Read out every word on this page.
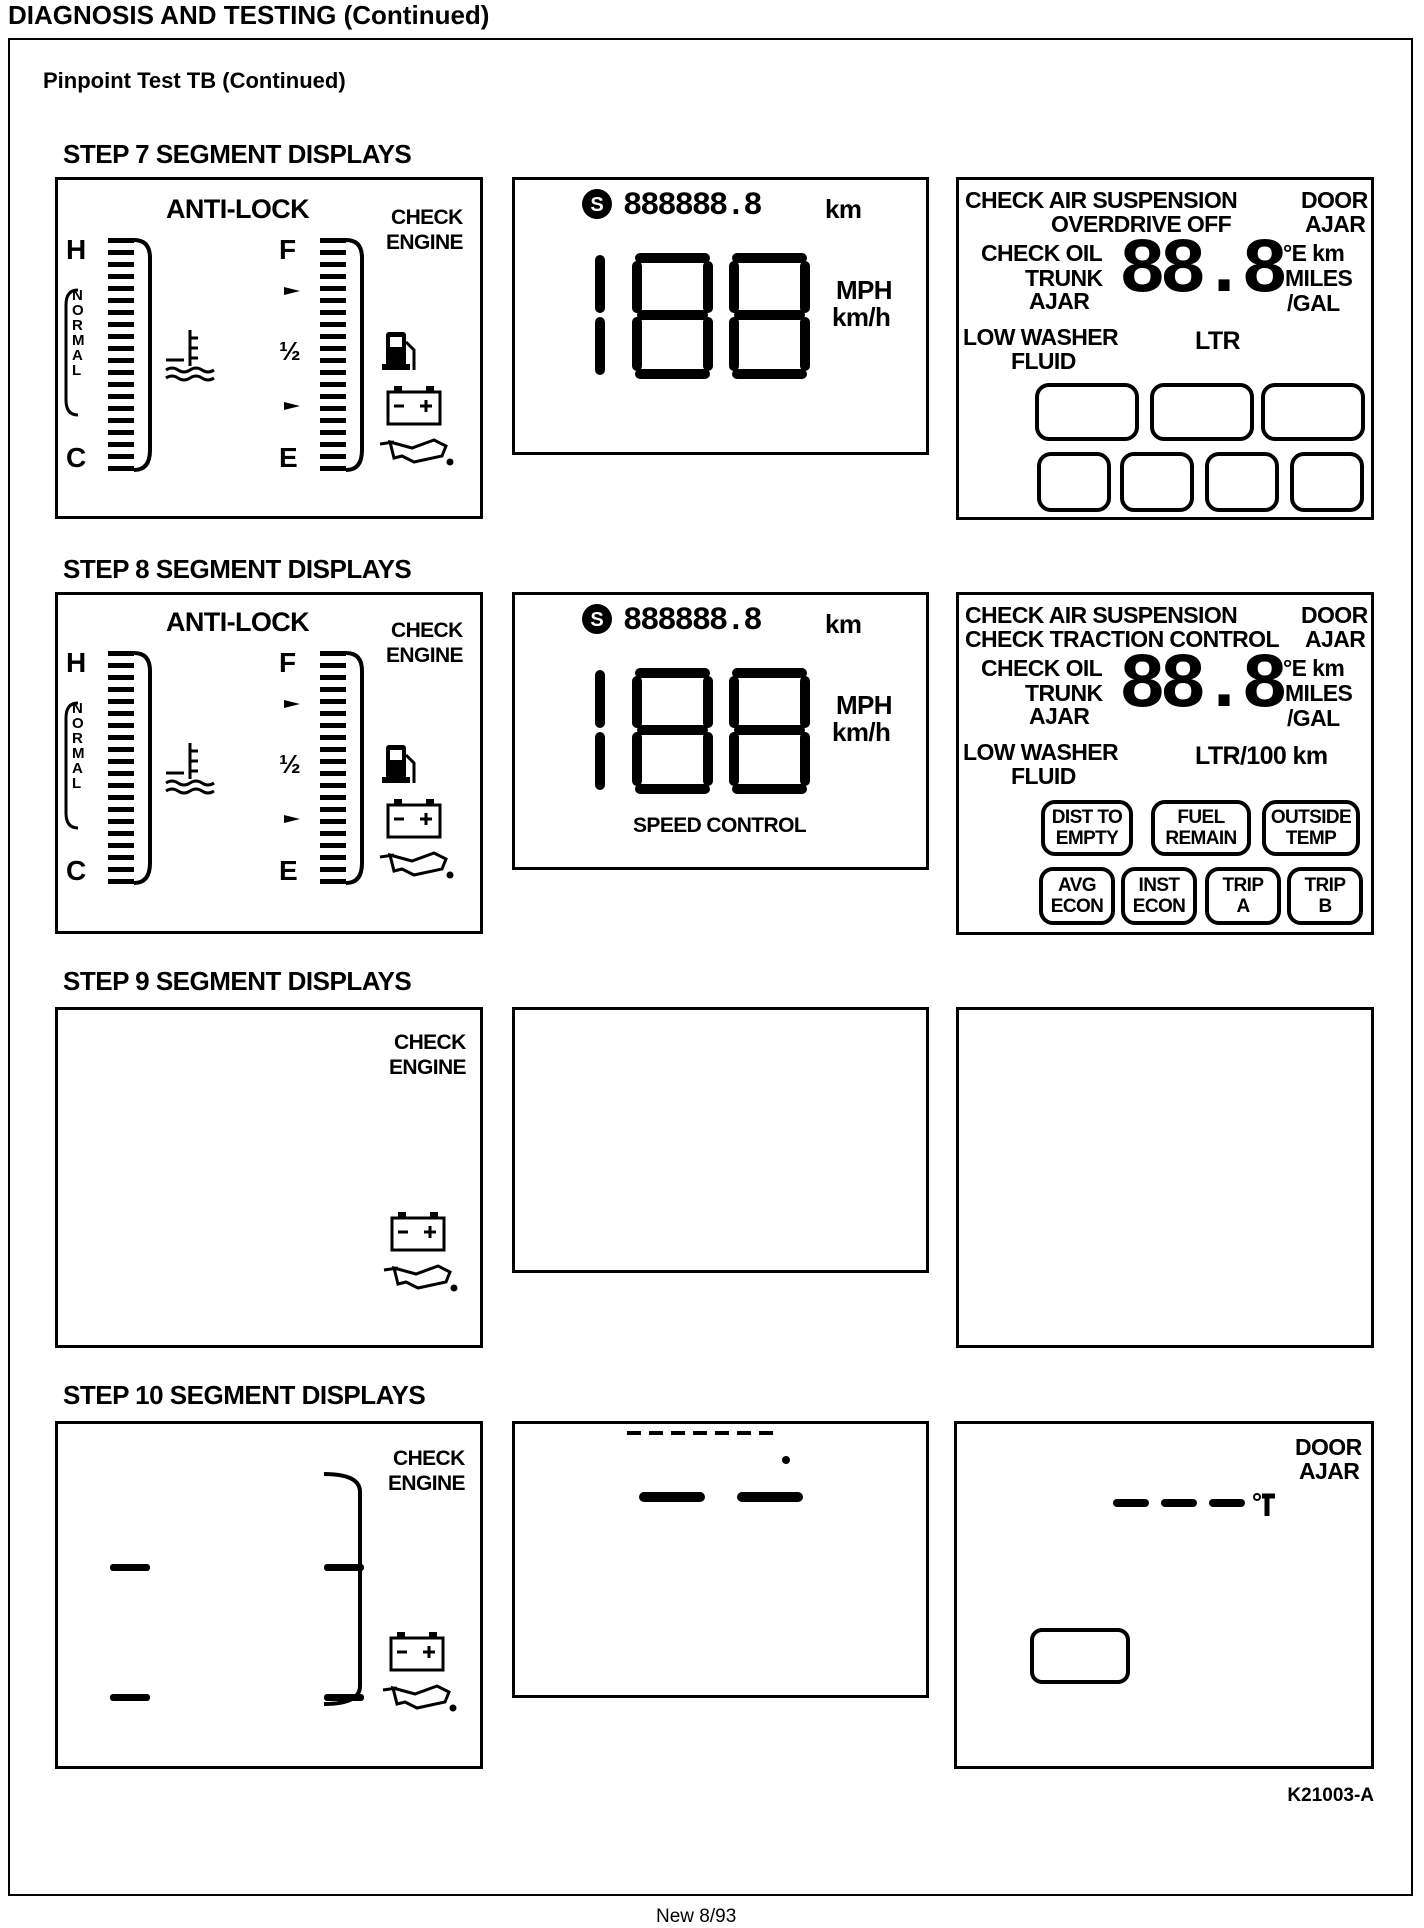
DIAGNOSIS AND TESTING (Continued)
Pinpoint Test TB (Continued)
STEP 7 SEGMENT DISPLAYS
ANTI-LOCK	CHECK
ENGINE
H
C
F
E
½
NORMAL
S 888888.8 km
MPH
km/h
CHECK AIR SUSPENSION
OVERDRIVE OFF
DOOR
AJAR
CHECK OIL
TRUNK
AJAR 88.8 °E km
MILES
/GAL
LOW WASHER
FLUID
LTR
STEP 8 SEGMENT DISPLAYS
ANTI-LOCK	CHECK
ENGINE
H
C
F
E
½
NORMAL
S 888888.8 km
MPH
km/h
SPEED CONTROL
CHECK AIR SUSPENSION
CHECK TRACTION CONTROL
DOOR
AJAR
CHECK OIL
TRUNK
AJAR 88.8 °E km
MILES
/GAL
LOW WASHER
FLUID
LTR/100 km
DIST TO
EMPTY
FUEL
REMAIN
OUTSIDE
TEMP
AVG
ECON
INST
ECON
TRIP
A
TRIP
B
STEP 9 SEGMENT DISPLAYS
CHECK
ENGINE
STEP 10 SEGMENT DISPLAYS
CHECK
ENGINE
DOOR
AJAR
K21003-A
New 8/93
